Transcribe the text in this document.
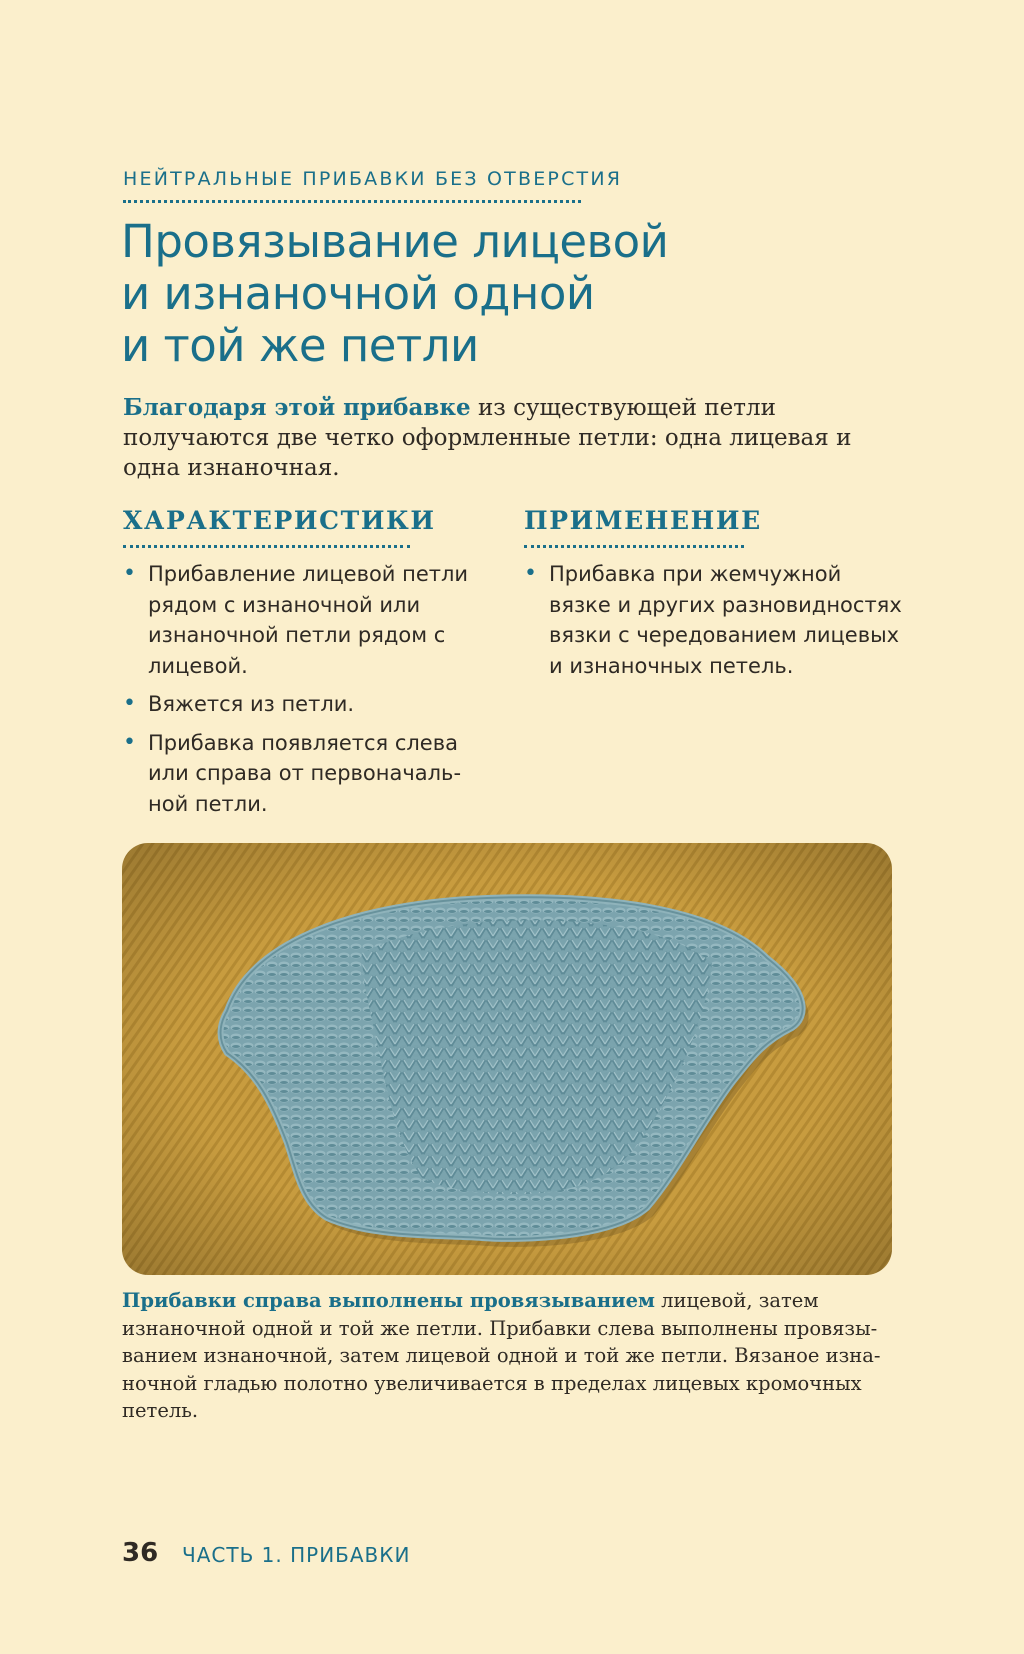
НЕЙТРАЛЬНЫЕ ПРИБАВКИ БЕЗ ОТВЕРСТИЯ
Провязывание лицевой
и изнаночной одной
и той же петли

Благодаря этой прибавке из существующей петли получаются две четко оформленные петли: одна лицевая и одна изнаночная.

ХАРАКТЕРИСТИКИ
• Прибавление лицевой петли рядом с изнаночной или изнаночной петли рядом с лицевой.
• Вяжется из петли.
• Прибавка появляется слева или справа от первоначальной петли.
ПРИМЕНЕНИЕ
• Прибавка при жемчужной вязке и других разновидностях вязки с чередованием лицевых и изнаночных петель.

Прибавки справа выполнены провязыванием лицевой, затем изнаночной одной и той же петли. Прибавки слева выполнены провязыванием изнаночной, затем лицевой одной и той же петли. Вязаное изнаночной гладью полотно увеличивается в пределах лицевых кромочных петель.

36 ЧАСТЬ 1. ПРИБАВКИ
